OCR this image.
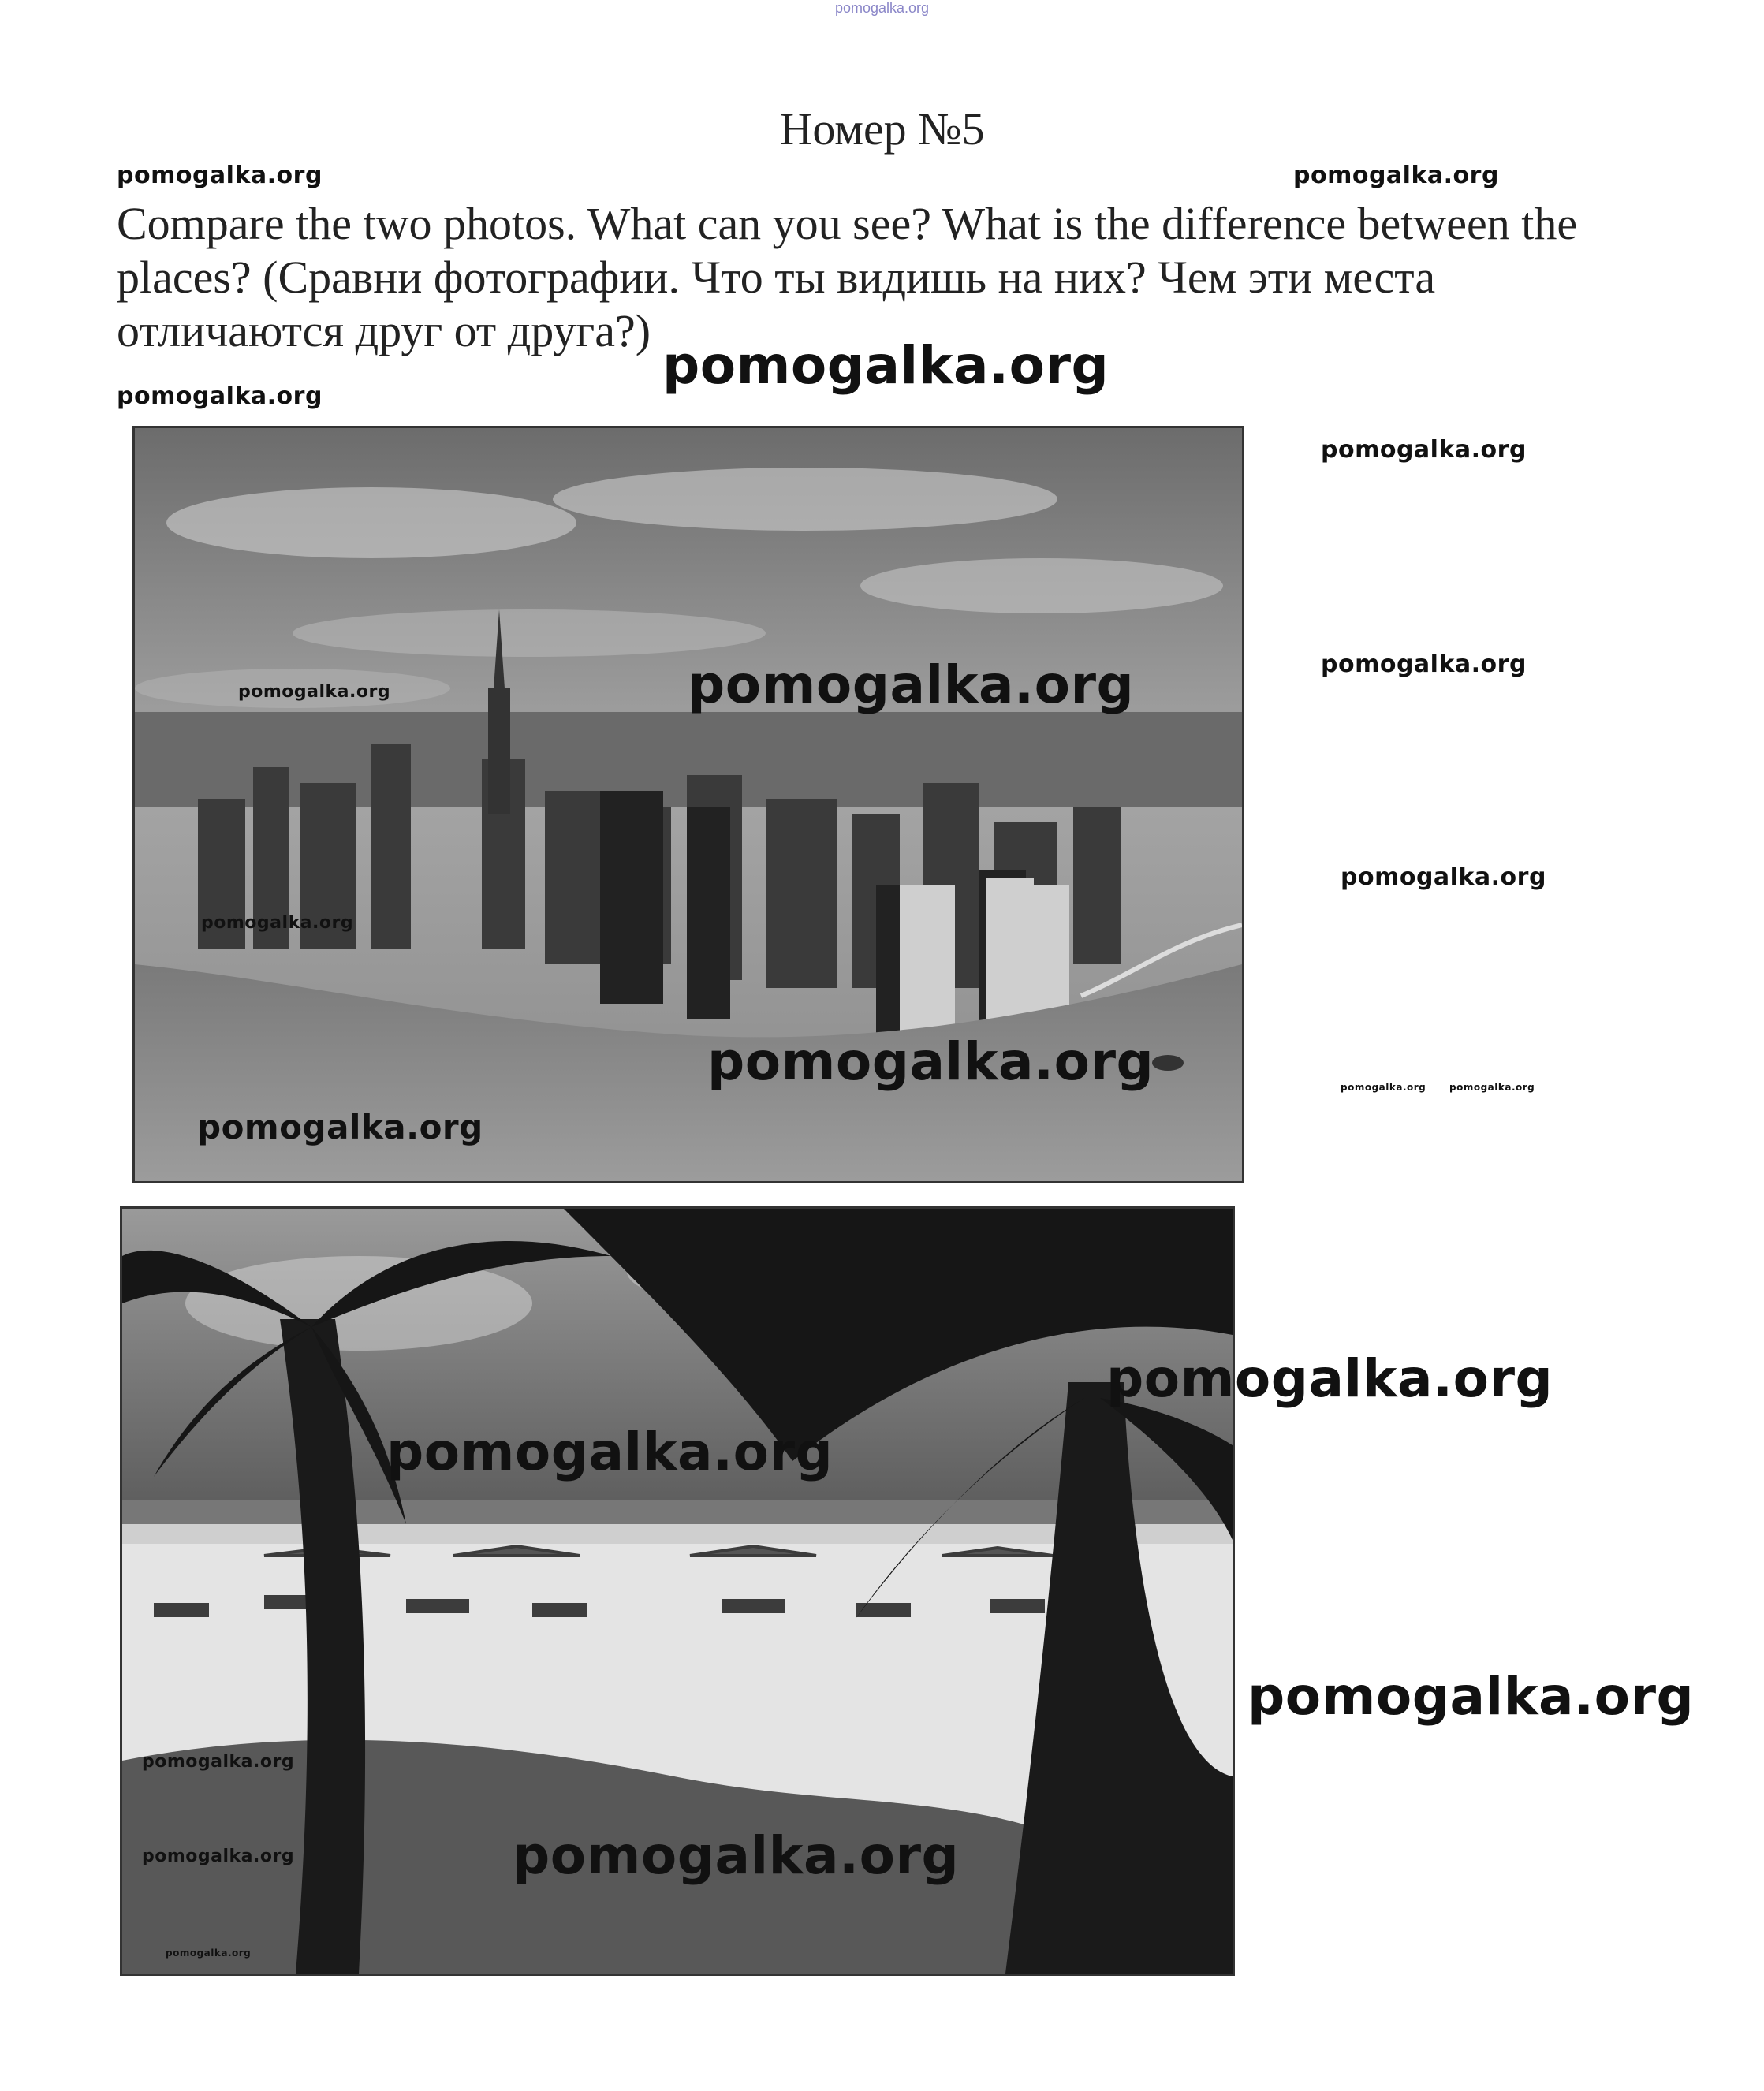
pomogalka.org
Номер №5
Compare the two photos. What can you see? What is the difference between the places? (Сравни фотографии. Что ты видишь на них? Чем эти места отличаются друг от друга?)
pomogalka.org	pomogalka.org
pomogalka.org
pomogalka.org
pomogalka.org
pomogalka.org	pomogalka.org	pomogalka.org
pomogalka.org
pomogalka.org
pomogalka.org pomogalka.org
pomogalka.org
pomogalka.org
pomogalka.org
pomogalka.org
pomogalka.org
pomogalka.org
pomogalka.org	pomogalka.org
pomogalka.org
